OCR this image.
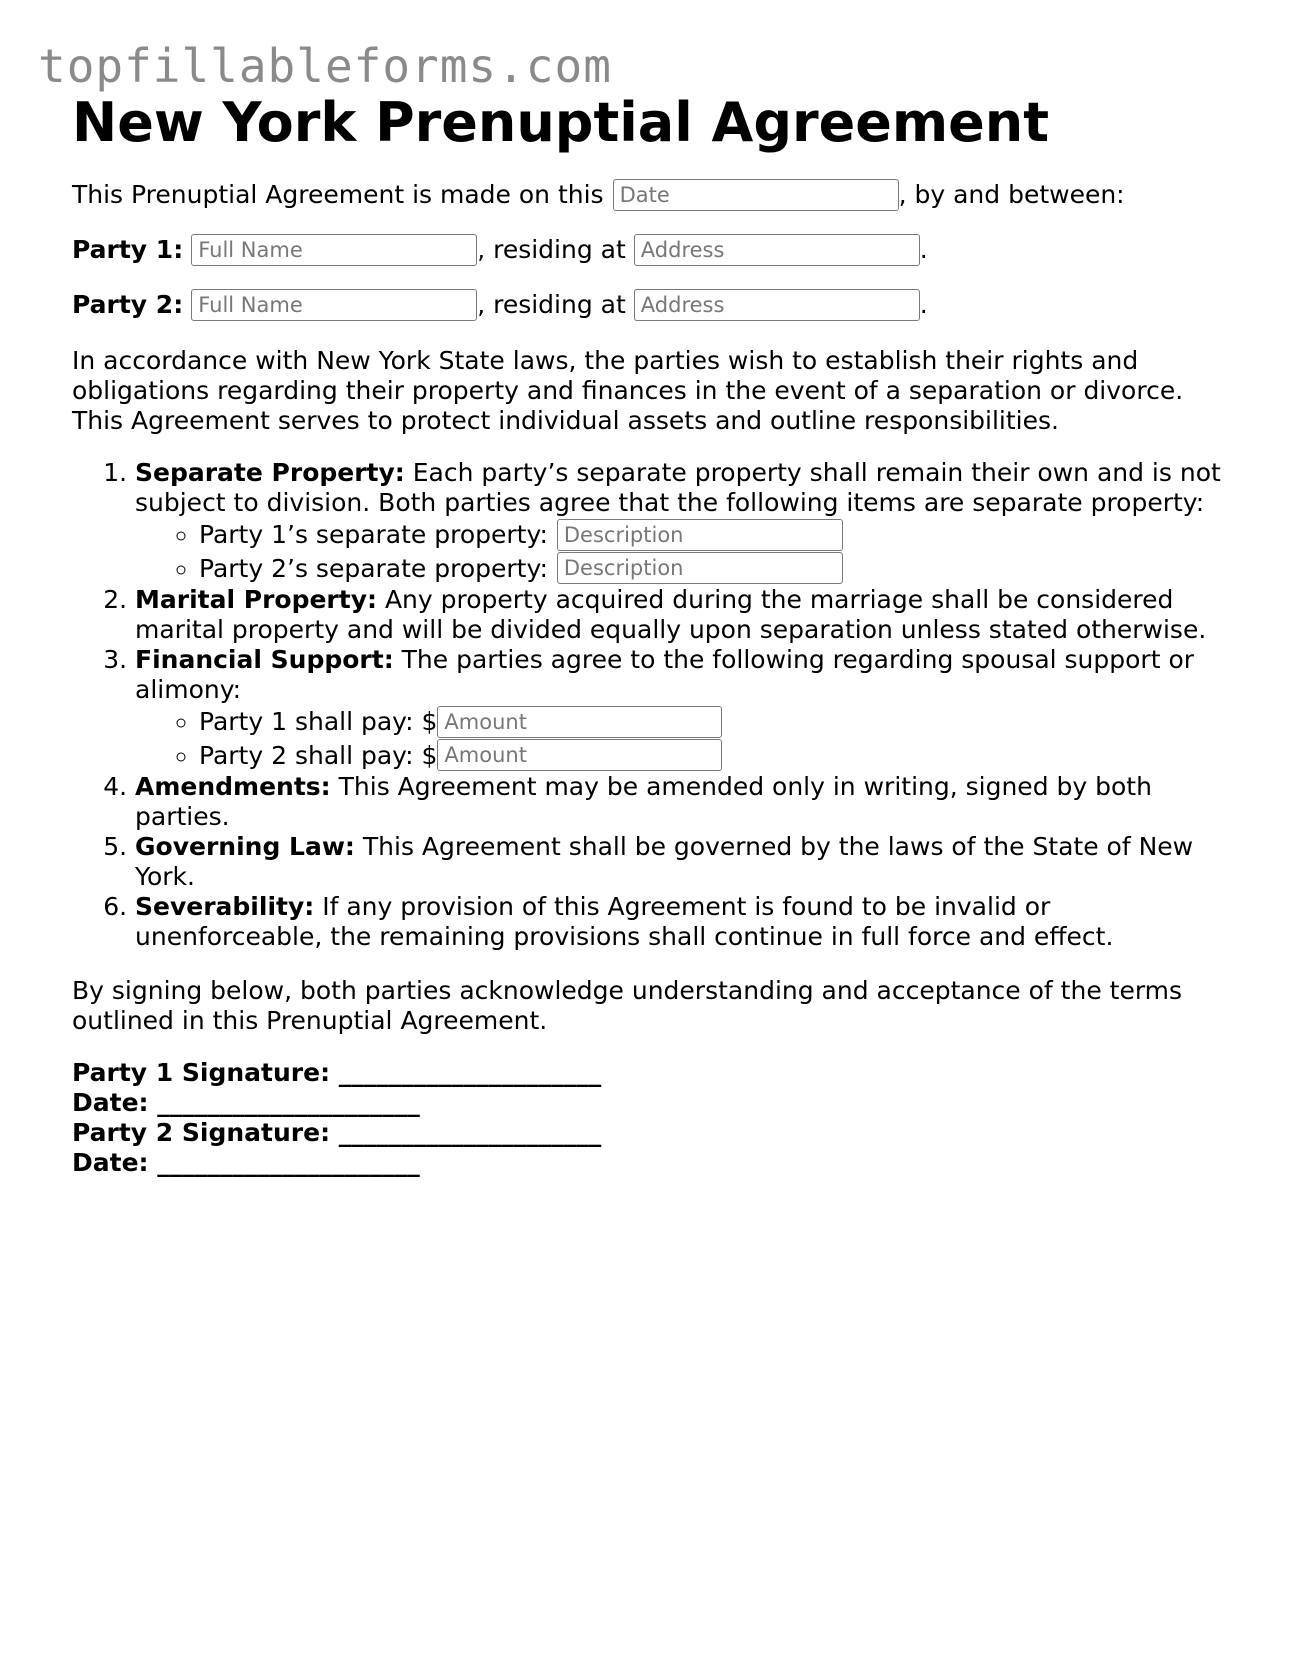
topfillableforms.com
New York Prenuptial Agreement
This Prenuptial Agreement is made on this
Date	, by and between:
Party 1:
Full Name	, residing at
Address	.
Party 2:
Full Name	, residing at
Address	.

In accordance with New York State laws, the parties wish to establish their rights and obligations regarding their property and finances in the event of a separation or divorce. This Agreement serves to protect individual assets and outline responsibilities.

1. Separate Property: Each party’s separate property shall remain their own and is not subject to division. Both parties agree that the following items are separate property:
◦ Party 1’s separate property:
Description
◦ Party 2’s separate property:
Description
2. Marital Property: Any property acquired during the marriage shall be considered marital property and will be divided equally upon separation unless stated otherwise.
3. Financial Support: The parties agree to the following regarding spousal support or alimony:
◦ Party 1 shall pay: $
Amount
◦ Party 2 shall pay: $
Amount
4. Amendments: This Agreement may be amended only in writing, signed by both parties.
5. Governing Law: This Agreement shall be governed by the laws of the State of New York.
6. Severability: If any provision of this Agreement is found to be invalid or unenforceable, the remaining provisions shall continue in full force and effect.

By signing below, both parties acknowledge understanding and acceptance of the terms outlined in this Prenuptial Agreement.

Party 1 Signature: _____________________
Date: _____________________
Party 2 Signature: _____________________
Date: _____________________
